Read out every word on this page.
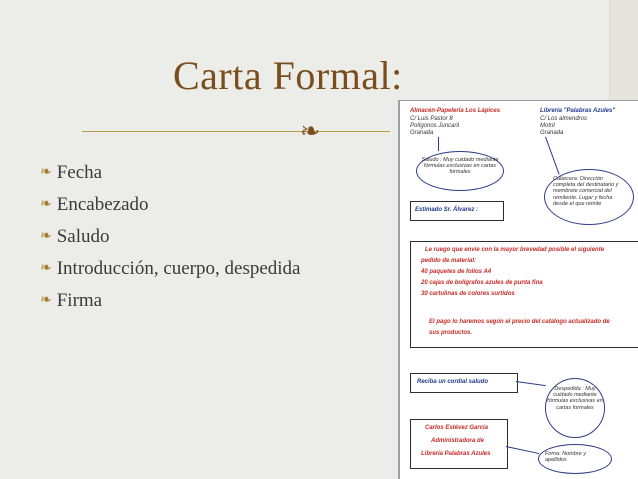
Carta Formal:
❧
❧ Fecha
❧ Encabezado
❧ Saludo
❧ Introducción, cuerpo, despedida
❧ Firma
Almacén-Papelería Los Lápices
C/ Luis Pastor 8
Polígonos Juncaril
Granada
Librería "Palabras Azules"
C/ Los almendros
Motril
Granada
Saludo : Muy cuidado mediante fórmulas exclusivas en cartas formales
Cabecera: Dirección completa del destinatario y membrete comercial del remitente. Lugar y fecha desde el que remite
Estimado Sr. Álvarez :
Le ruego que envíe con la mayor brevedad posible el siguiente
pedido de material:
40 paquetes de folios A4
20 cajas de bolígrafos azules de punta fina
30 cartulinas de colores surtidos
El pago lo haremos según el precio del catálogo actualizado de
sus productos.
Reciba un cordial saludo
Despedida : Muy cuidado mediante fórmulas exclusivas en cartas formales
Carlos Estévez García
Administradora de
Librería Palabras Azules	Firma: Nombre y apellidos
